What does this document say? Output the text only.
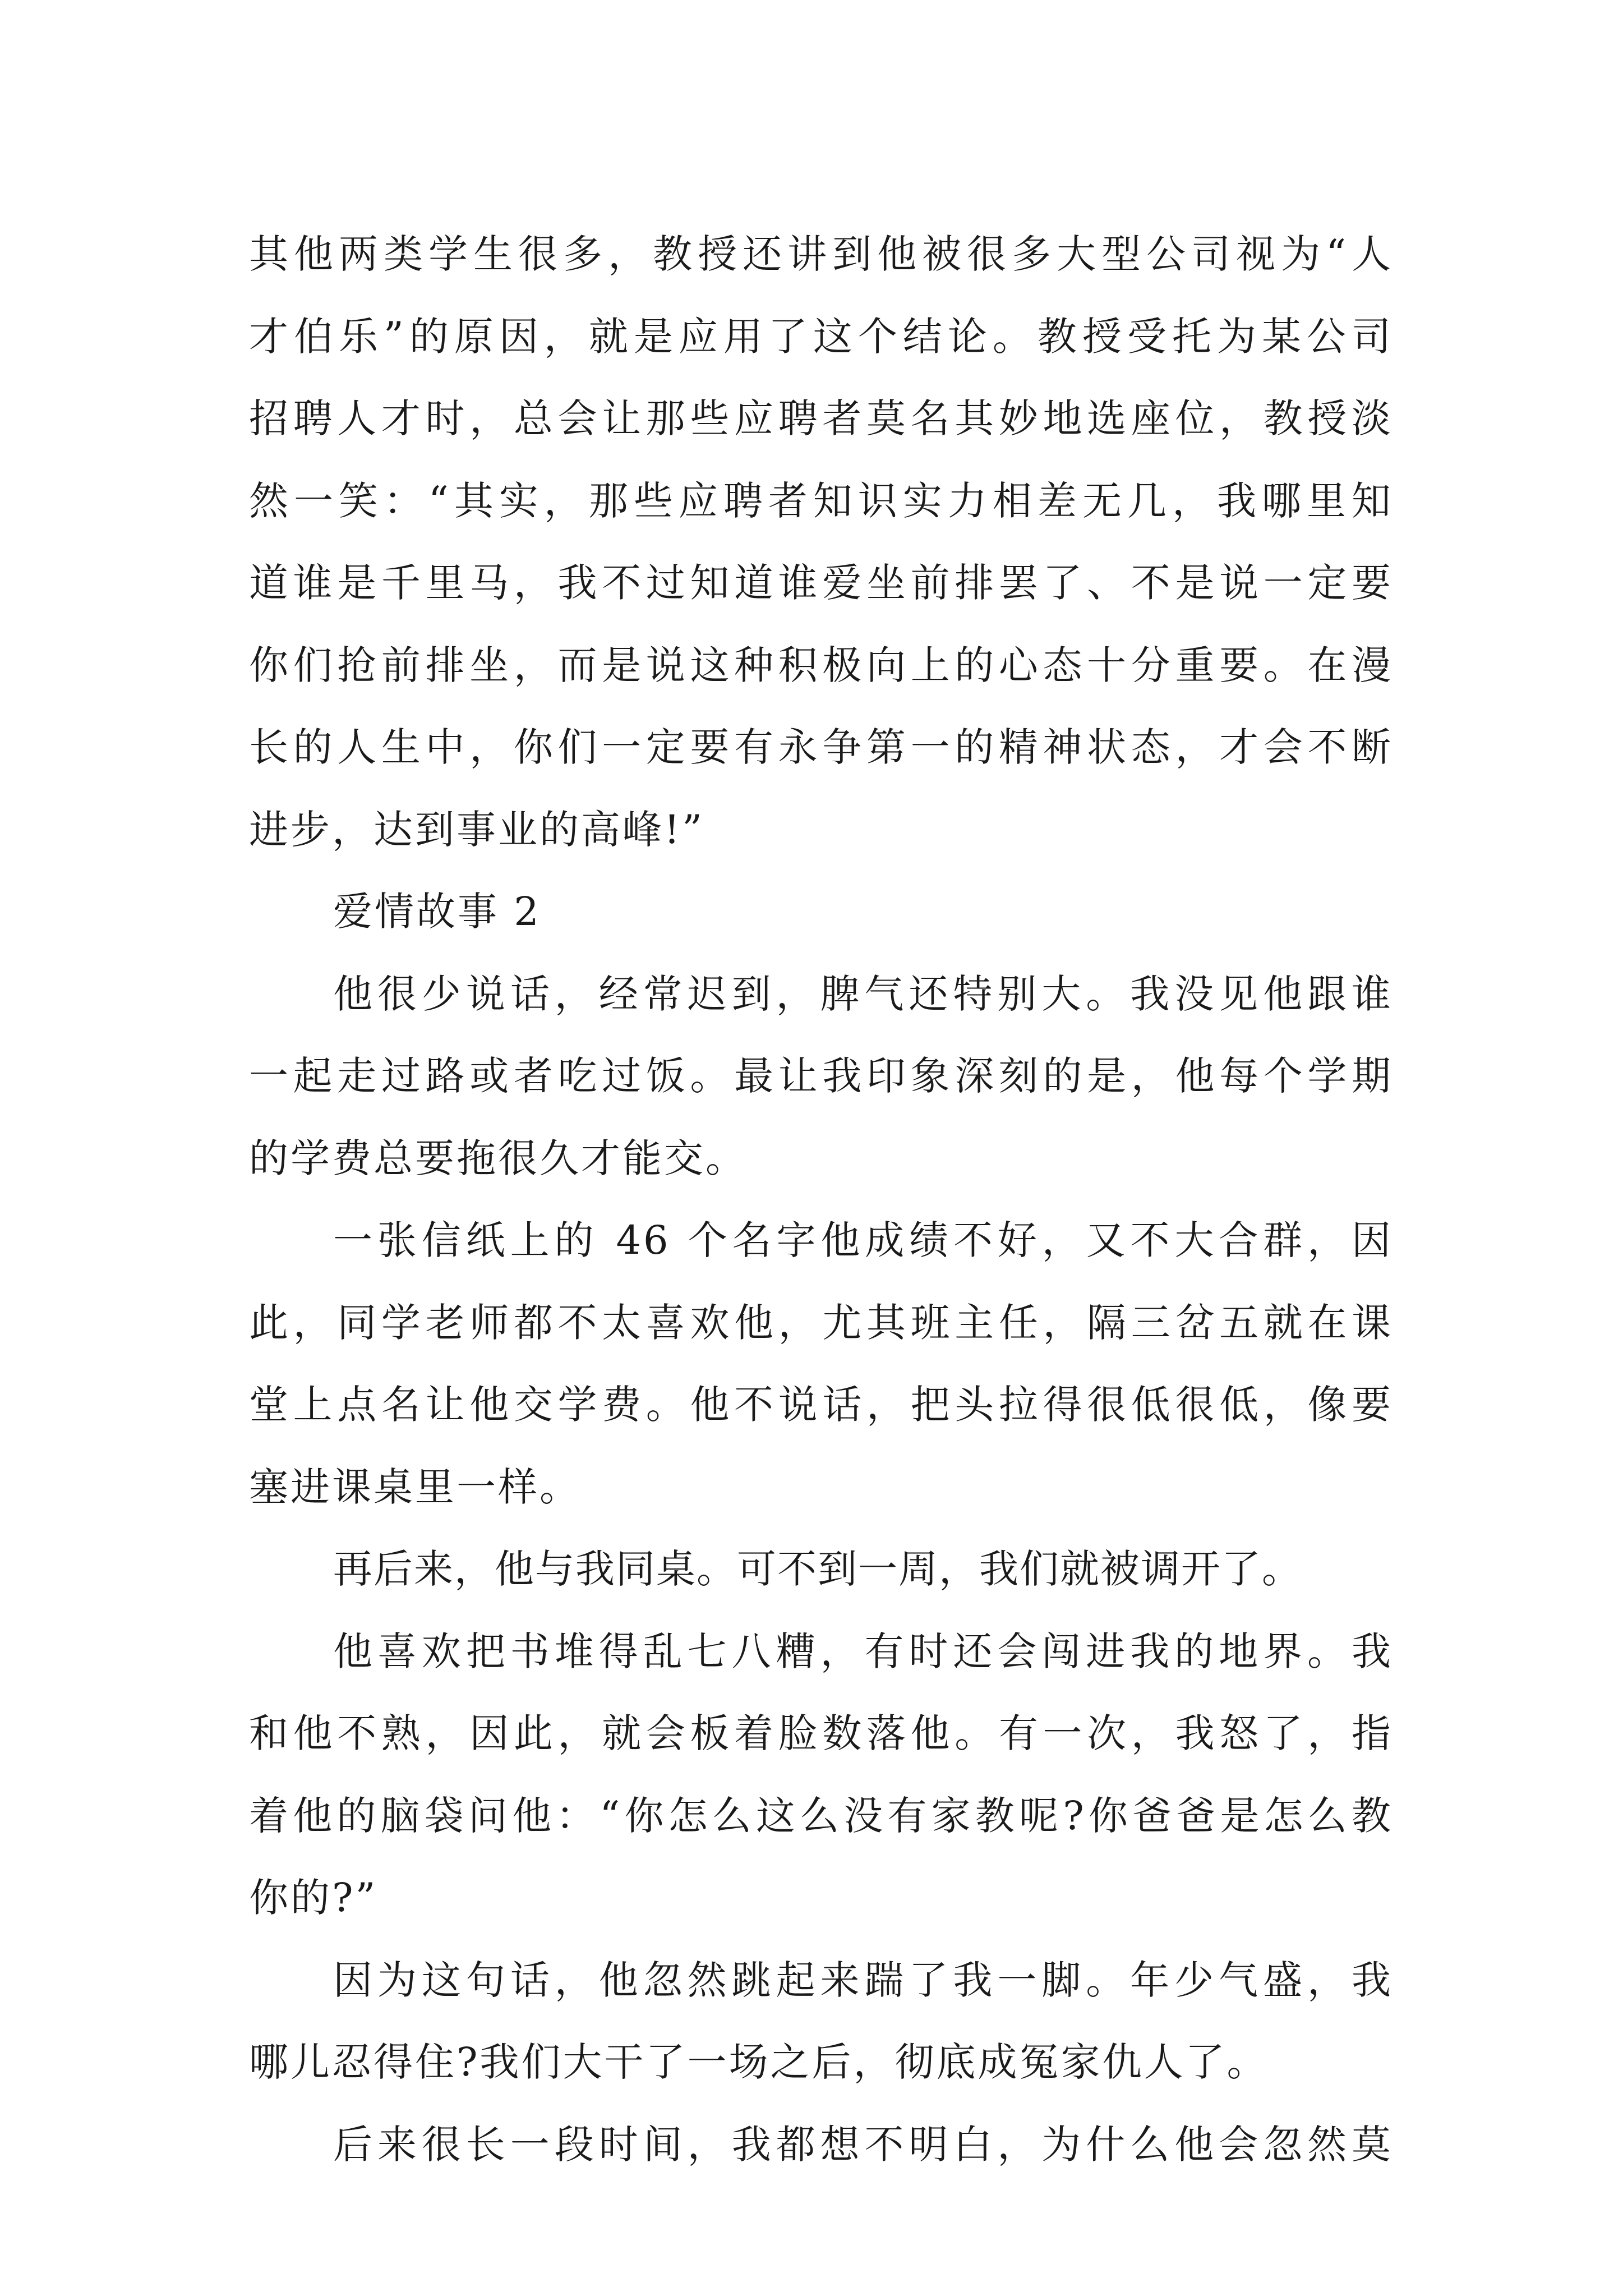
其他两类学生很多，教授还讲到他被很多大型公司视为“人
才伯乐”的原因，就是应用了这个结论。教授受托为某公司
招聘人才时，总会让那些应聘者莫名其妙地选座位，教授淡
然一笑：“其实，那些应聘者知识实力相差无几，我哪里知
道谁是千里马，我不过知道谁爱坐前排罢了、不是说一定要
你们抢前排坐，而是说这种积极向上的心态十分重要。在漫
长的人生中，你们一定要有永争第一的精神状态，才会不断
进步，达到事业的高峰!”
爱情故事 2
他很少说话，经常迟到，脾气还特别大。我没见他跟谁
一起走过路或者吃过饭。最让我印象深刻的是，他每个学期
的学费总要拖很久才能交。
一张信纸上的 46 个名字他成绩不好，又不大合群，因
此，同学老师都不太喜欢他，尤其班主任，隔三岔五就在课
堂上点名让他交学费。他不说话，把头拉得很低很低，像要
塞进课桌里一样。
再后来，他与我同桌。可不到一周，我们就被调开了。
他喜欢把书堆得乱七八糟，有时还会闯进我的地界。我
和他不熟，因此，就会板着脸数落他。有一次，我怒了，指
着他的脑袋问他：“你怎么这么没有家教呢?你爸爸是怎么教
你的?”
因为这句话，他忽然跳起来踹了我一脚。年少气盛，我
哪儿忍得住?我们大干了一场之后，彻底成冤家仇人了。
后来很长一段时间，我都想不明白，为什么他会忽然莫
